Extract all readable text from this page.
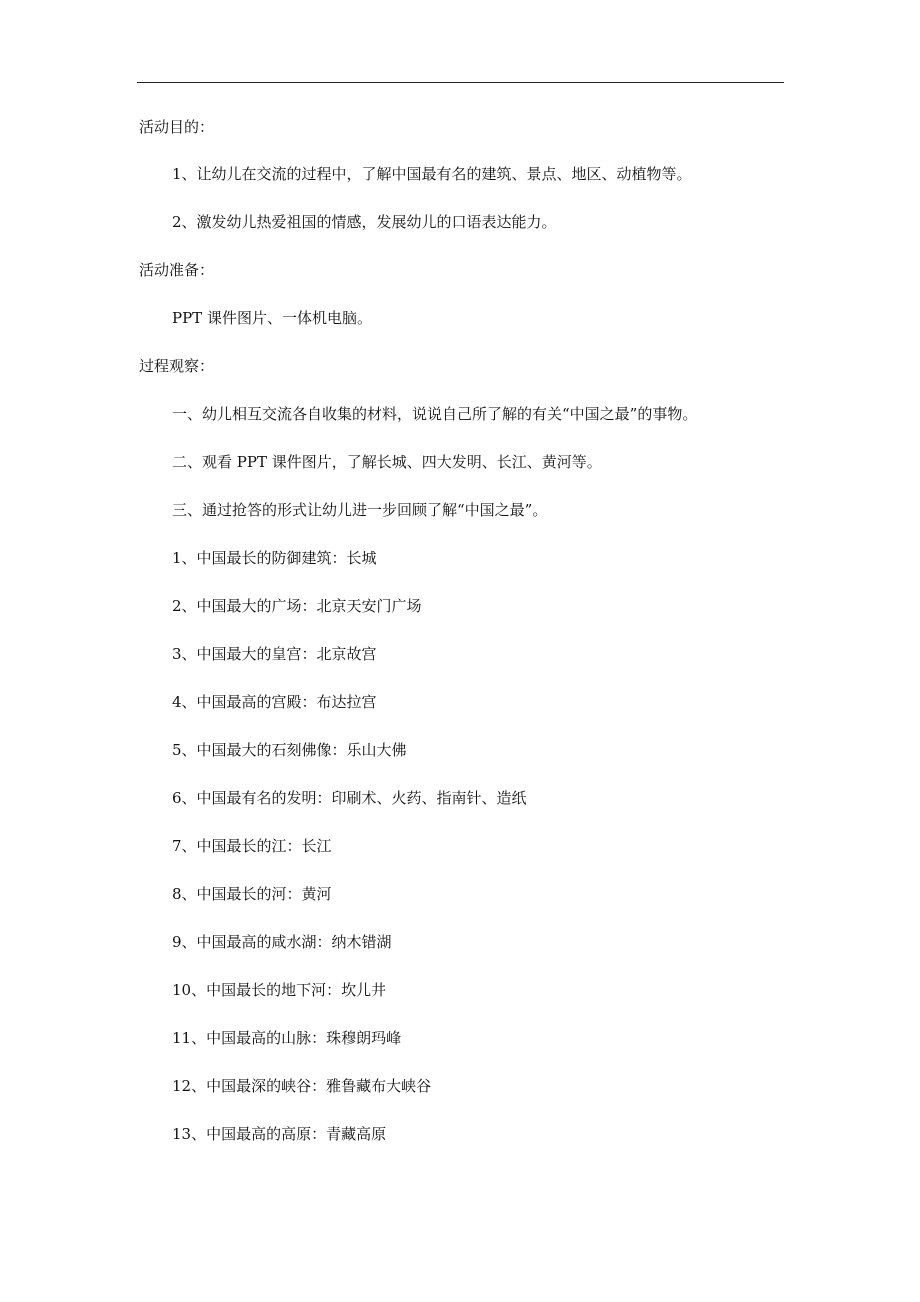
活动目的：
1、让幼儿在交流的过程中，了解中国最有名的建筑、景点、地区、动植物等。
2、激发幼儿热爱祖国的情感，发展幼儿的口语表达能力。
活动准备：
PPT 课件图片、一体机电脑。
过程观察：
一、幼儿相互交流各自收集的材料，说说自己所了解的有关“中国之最”的事物。
二、观看 PPT 课件图片，了解长城、四大发明、长江、黄河等。
三、通过抢答的形式让幼儿进一步回顾了解“中国之最”。
1、中国最长的防御建筑：长城
2、中国最大的广场：北京天安门广场
3、中国最大的皇宫：北京故宫
4、中国最高的宫殿：布达拉宫
5、中国最大的石刻佛像：乐山大佛
6、中国最有名的发明：印刷术、火药、指南针、造纸
7、中国最长的江：长江
8、中国最长的河：黄河
9、中国最高的咸水湖：纳木错湖
10、中国最长的地下河：坎儿井
11、中国最高的山脉：珠穆朗玛峰
12、中国最深的峡谷：雅鲁藏布大峡谷
13、中国最高的高原：青藏高原
